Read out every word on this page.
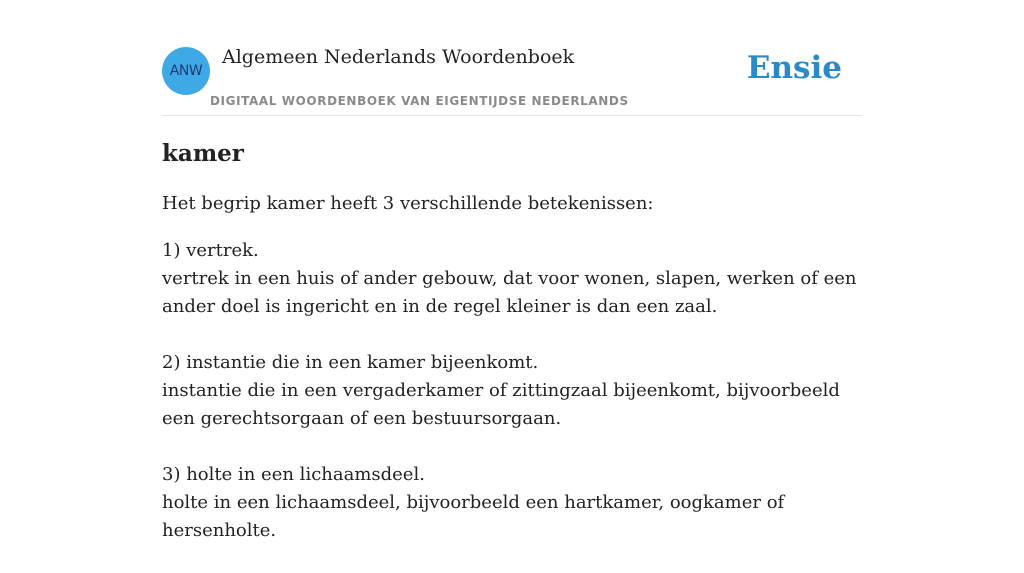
ANW
Algemeen Nederlands Woordenboek
DIGITAAL WOORDENBOEK VAN EIGENTIJDSE NEDERLANDS
Ensie
kamer

Het begrip kamer heeft 3 verschillende betekenissen:

1) vertrek.
vertrek in een huis of ander gebouw, dat voor wonen, slapen, werken of een ander doel is ingericht en in de regel kleiner is dan een zaal.
2) instantie die in een kamer bijeenkomt.
instantie die in een vergaderkamer of zittingzaal bijeenkomt, bijvoorbeeld een gerechtsorgaan of een bestuursorgaan.
3) holte in een lichaamsdeel.
holte in een lichaamsdeel, bijvoorbeeld een hartkamer, oogkamer of hersenholte.
